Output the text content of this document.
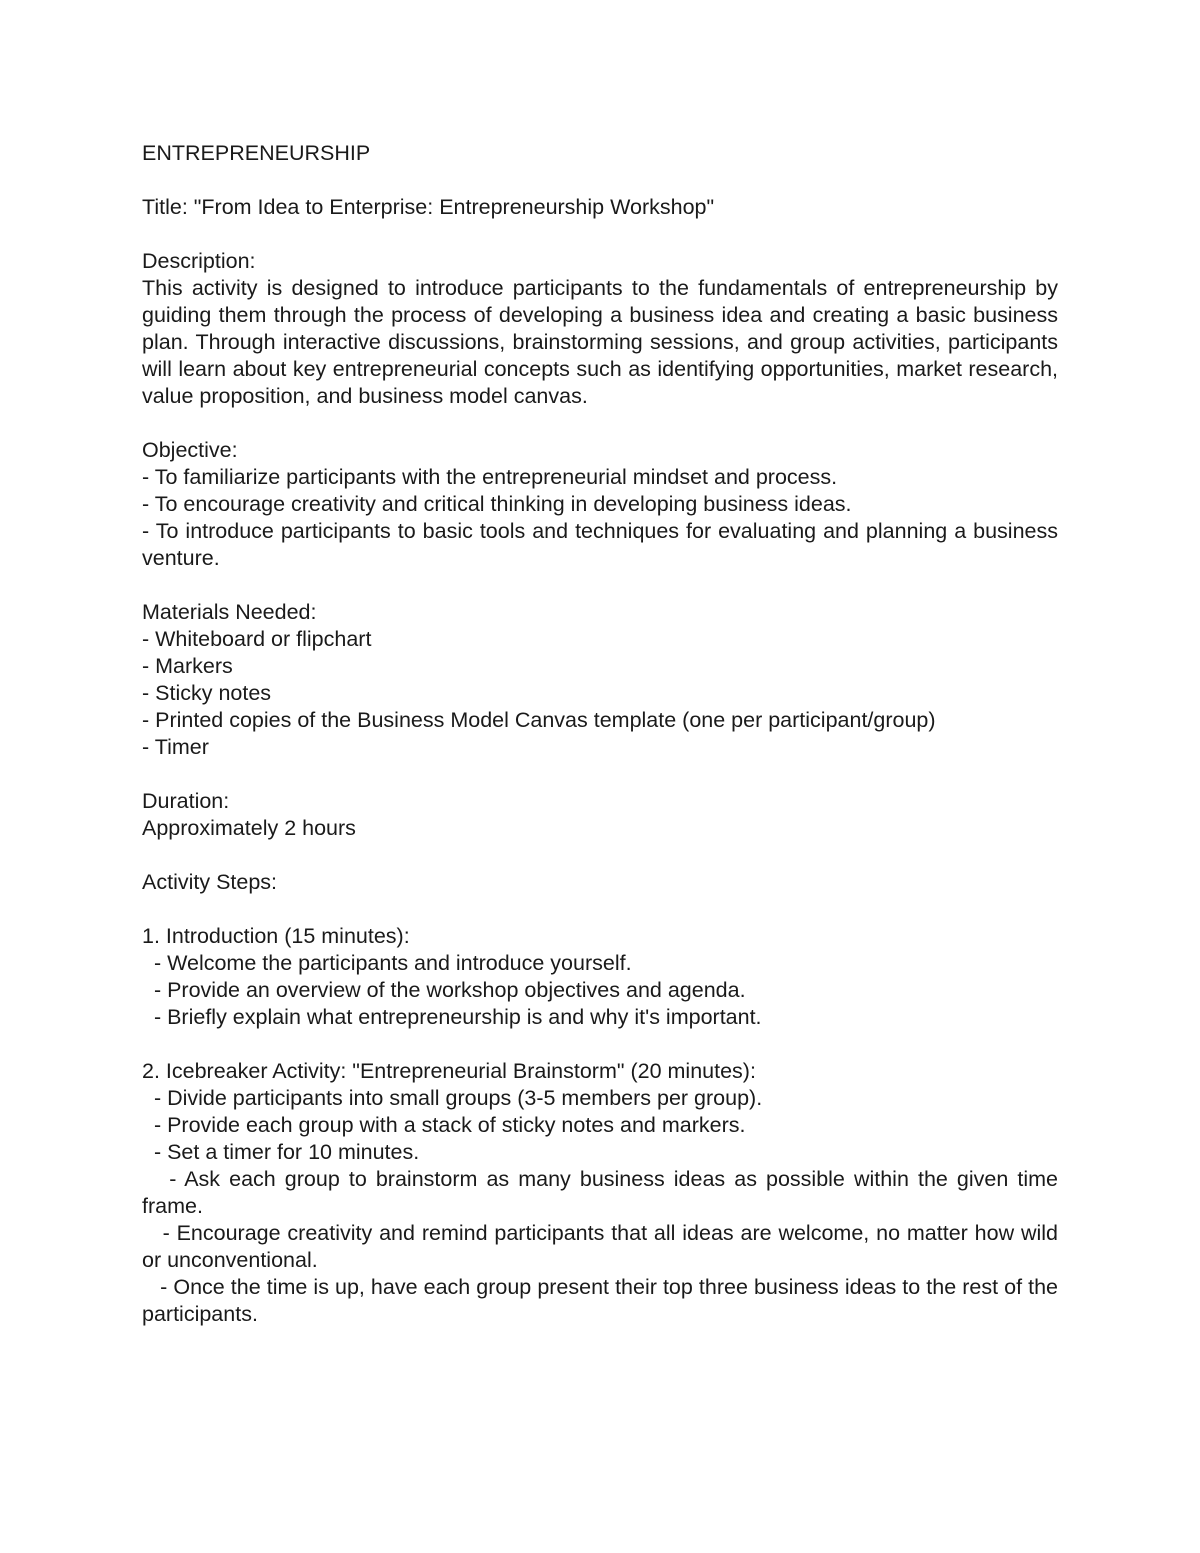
ENTREPRENEURSHIP
Title: "From Idea to Enterprise: Entrepreneurship Workshop"
Description:
This activity is designed to introduce participants to the fundamentals of entrepreneurship by guiding them through the process of developing a business idea and creating a basic business plan. Through interactive discussions, brainstorming sessions, and group activities, participants will learn about key entrepreneurial concepts such as identifying opportunities, market research, value proposition, and business model canvas.
Objective:
- To familiarize participants with the entrepreneurial mindset and process.
- To encourage creativity and critical thinking in developing business ideas.
- To introduce participants to basic tools and techniques for evaluating and planning a business venture.
Materials Needed:
- Whiteboard or flipchart
- Markers
- Sticky notes
- Printed copies of the Business Model Canvas template (one per participant/group)
- Timer
Duration:
Approximately 2 hours
Activity Steps:
1. Introduction (15 minutes):
- Welcome the participants and introduce yourself.
- Provide an overview of the workshop objectives and agenda.
- Briefly explain what entrepreneurship is and why it's important.
2. Icebreaker Activity: "Entrepreneurial Brainstorm" (20 minutes):
- Divide participants into small groups (3-5 members per group).
- Provide each group with a stack of sticky notes and markers.
- Set a timer for 10 minutes.
- Ask each group to brainstorm as many business ideas as possible within the given time frame.
- Encourage creativity and remind participants that all ideas are welcome, no matter how wild or unconventional.
- Once the time is up, have each group present their top three business ideas to the rest of the participants.
